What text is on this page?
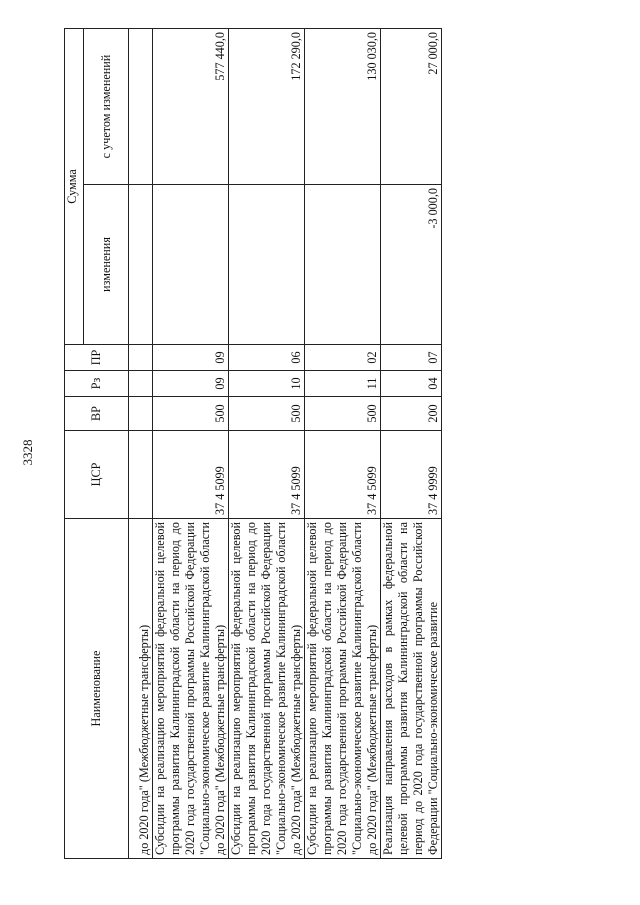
3328
Наименование	ЦСР	ВР	Рз	ПР	Сумма	
					изменения	с учетом изменений
до 2020 года" (Межбюджетные трансферты)						
Субсидии на реализацию мероприятий федеральной целевой программы развития Калининградской области на период до 2020 года государственной программы Российской Федерации "Социально-экономическое развитие Калининградской области до 2020 года" (Межбюджетные трансферты)	37 4 5099	500	09	09		577 440,0
Субсидии на реализацию мероприятий федеральной целевой программы развития Калининградской области на период до 2020 года государственной программы Российской Федерации "Социально-экономическое развитие Калининградской области до 2020 года" (Межбюджетные трансферты)	37 4 5099	500	10	06		172 290,0
Субсидии на реализацию мероприятий федеральной целевой программы развития Калининградской области на период до 2020 года государственной программы Российской Федерации "Социально-экономическое развитие Калининградской области до 2020 года" (Межбюджетные трансферты)	37 4 5099	500	11	02		130 030,0
Реализация направления расходов в рамках федеральной целевой программы развития Калининградской области на период до 2020 года государственной программы Российской Федерации "Социально-экономическое развитие	37 4 9999	200	04	07	-3 000,0	27 000,0
